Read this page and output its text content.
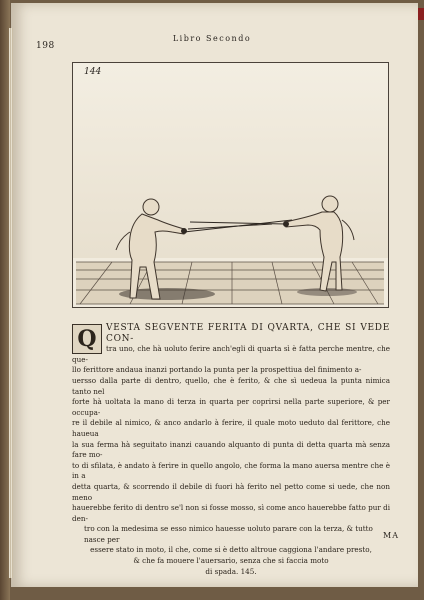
198
Libro Secondo
144
Q	VESTA SEGVENTE FERITA DI QVARTA, CHE SI VEDE CON-
tra uno, che hà uoluto ferire anch'egli di quarta sì è fatta perche mentre, che que-
llo ferittore andaua inanzi portando la punta per la prospettiua del finimento a-
uersso dalla parte di dentro, quello, che è ferito, & che sì uedeua la punta nimica tanto nel
forte hà uoltata la mano di terza in quarta per coprirsi nella parte superiore, & per occupa-
re il debile al nimico, & anco andarlo à ferire, il quale moto ueduto dal ferittore, che haueua
la sua ferma hà seguitato inanzi cauando alquanto di punta di detta quarta mà senza fare mo-
to di sfilata, è andato à ferire in quello angolo, che forma la mano auersa mentre che è in a
detta quarta, & scorrendo il debile di fuori hà ferito nel petto come si uede, che non meno
hauerebbe ferito di dentro se'l non si fosse mosso, sì come anco hauerebbe fatto pur di den-
tro con la medesima se esso nimico hauesse uoluto parare con la terza, & tutto nasce per
essere stato in moto, il che, come si è detto altroue caggiona l'andare presto,
& che fa mouere l'auersario, senza che si faccia moto
di spada. 145.
MA
